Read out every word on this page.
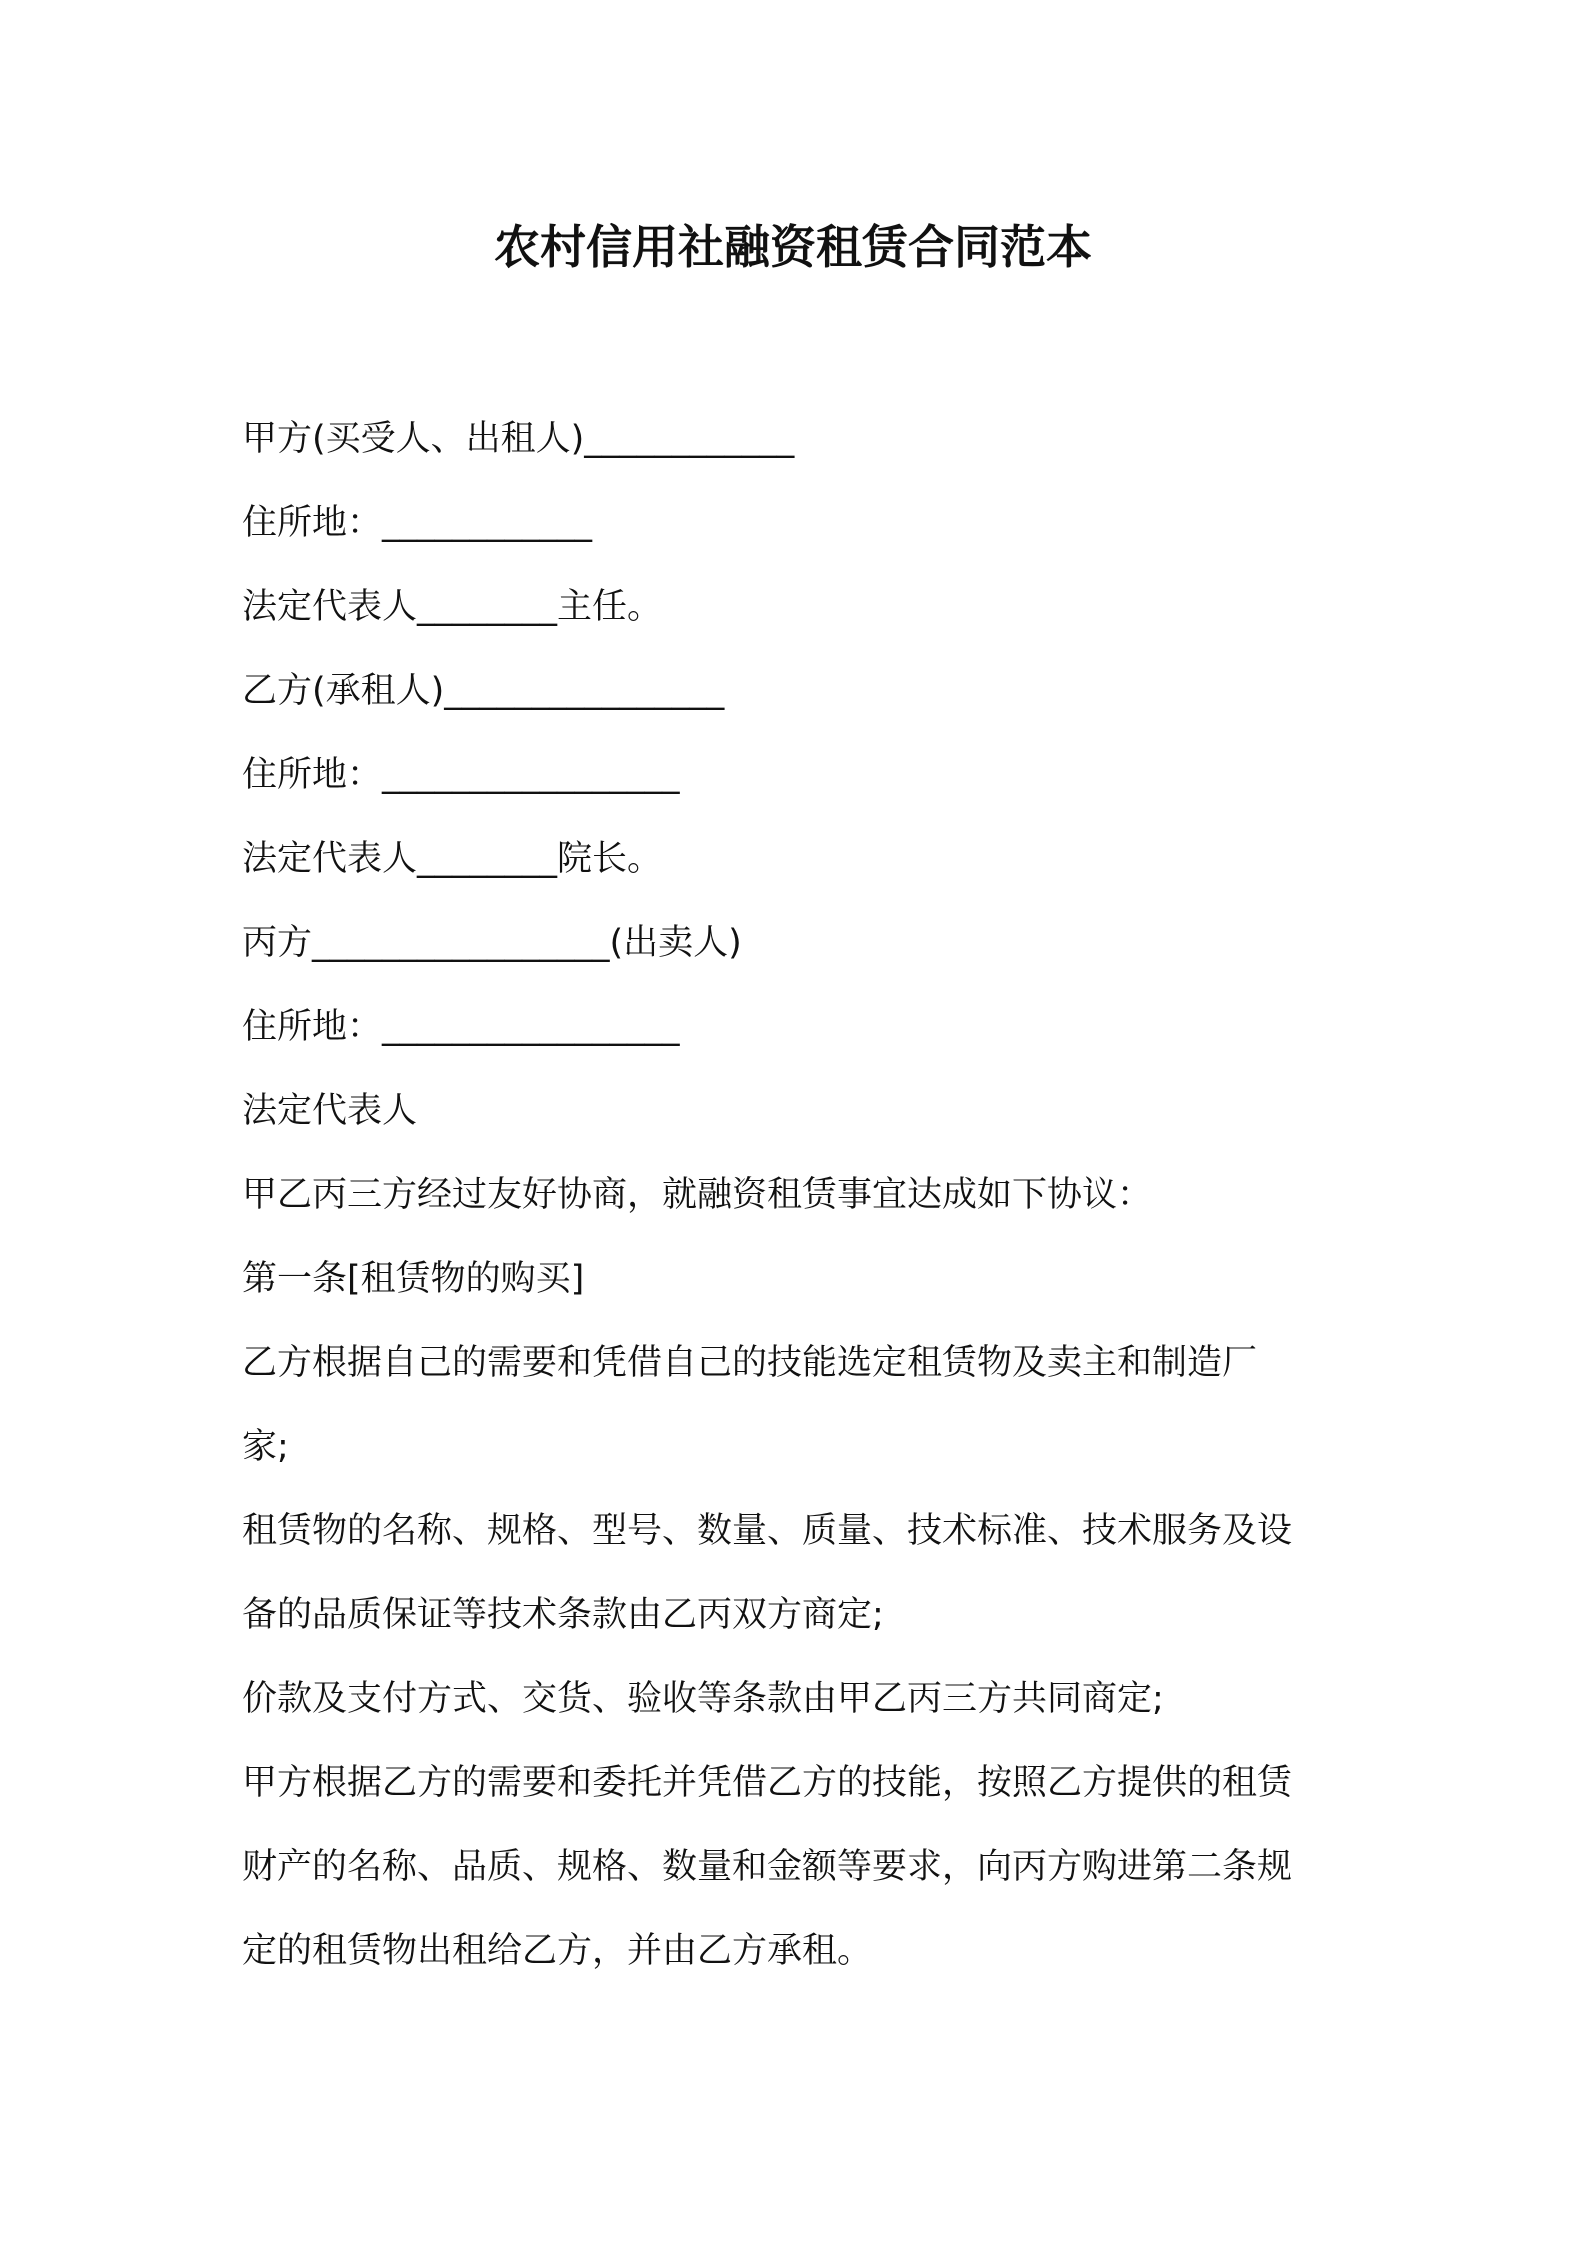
农村信用社融资租赁合同范本
甲方(买受人、出租人)____________
住所地：____________
法定代表人________主任。
乙方(承租人)________________
住所地：_________________
法定代表人________院长。
丙方_________________(出卖人)
住所地：_________________
法定代表人
甲乙丙三方经过友好协商，就融资租赁事宜达成如下协议：
第一条[租赁物的购买]
乙方根据自己的需要和凭借自己的技能选定租赁物及卖主和制造厂
家;
租赁物的名称、规格、型号、数量、质量、技术标准、技术服务及设
备的品质保证等技术条款由乙丙双方商定;
价款及支付方式、交货、验收等条款由甲乙丙三方共同商定;
甲方根据乙方的需要和委托并凭借乙方的技能，按照乙方提供的租赁
财产的名称、品质、规格、数量和金额等要求，向丙方购进第二条规
定的租赁物出租给乙方，并由乙方承租。
